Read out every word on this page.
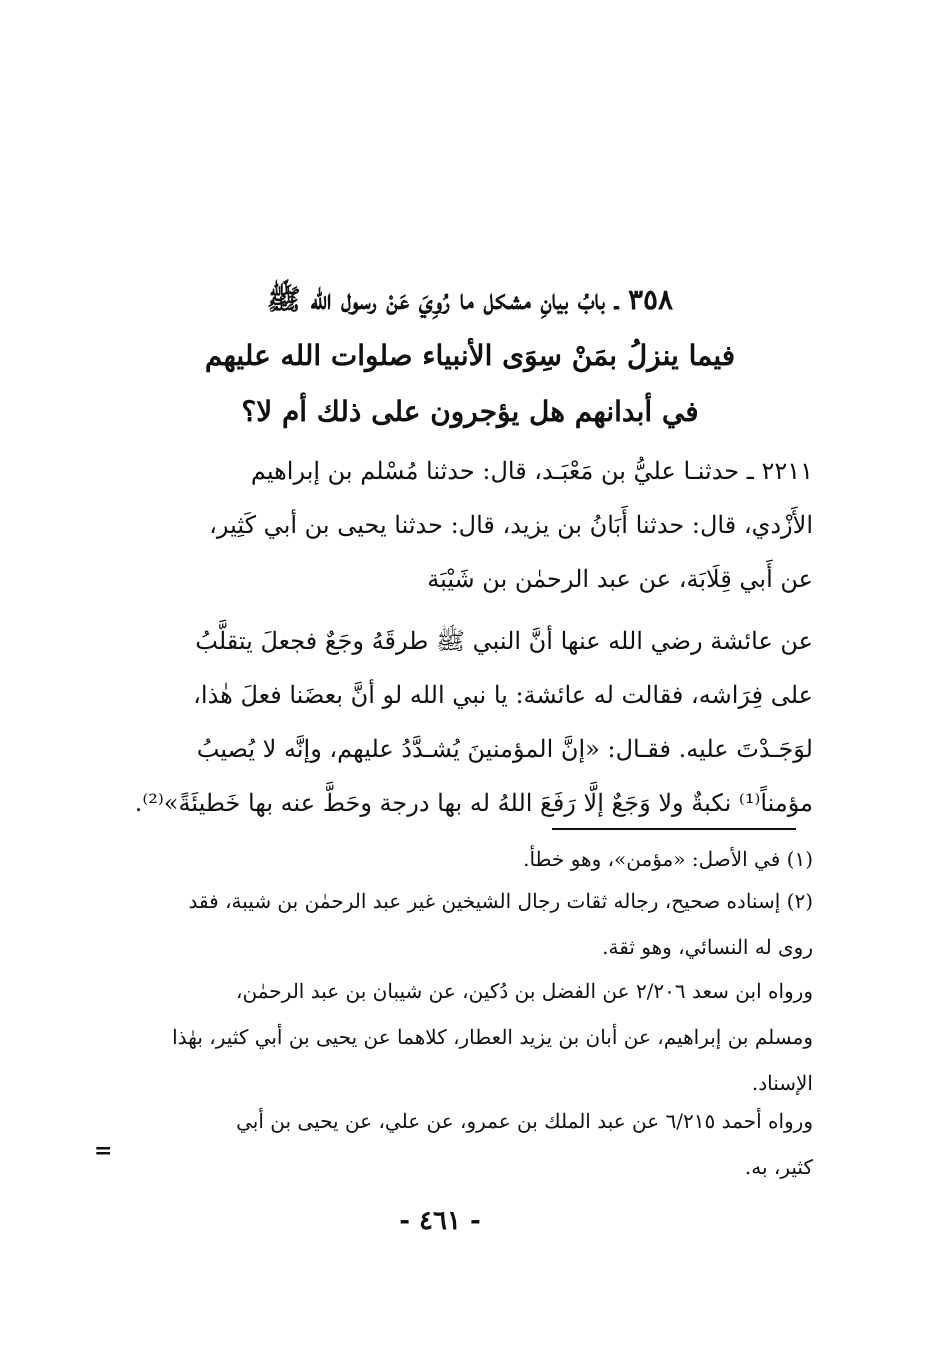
٣٥٨ ـ بابُ بيانِ مشكل ما رُوِيَ عَنْ رسول الله ﷺ
فيما ينزلُ بمَنْ سِوَى الأنبياء صلوات الله عليهم
في أبدانهم هل يؤجرون على ذلك أم لا؟
٢٢١١ ـ حدثنـا عليُّ بن مَعْبَـد، قال: حدثنا مُسْلم بن إبراهيم
الأَزْدي، قال: حدثنا أَبَانُ بن يزيد، قال: حدثنا يحيى بن أبي كَثِير،
عن أَبي قِلَابَة، عن عبد الرحمٰن بن شَيْبَة
عن عائشة رضي الله عنها أنَّ النبي ﷺ طرقَهُ وجَعٌ فجعلَ يتقلَّبُ
على فِرَاشه، فقالت له عائشة: يا نبي الله لو أنَّ بعضَنا فعلَ هٰذا،
لوَجَـدْتَ عليه. فقـال: «إنَّ المؤمنينَ يُشـدَّدُ عليهم، وإنَّه لا يُصيبُ
مؤمناً⁽¹⁾ نكبةٌ ولا وَجَعٌ إلَّا رَفَعَ اللهُ له بها درجة وحَطَّ عنه بها خَطيئَةً»⁽²⁾.
(١) في الأصل: «مؤمن»، وهو خطأ.
(٢) إسناده صحيح، رجاله ثقات رجال الشيخين غير عبد الرحمٰن بن شيبة، فقد
روى له النسائي، وهو ثقة.
ورواه ابن سعد ٢/٢٠٦ عن الفضل بن دُكين، عن شيبان بن عبد الرحمٰن،
ومسلم بن إبراهيم، عن أبان بن يزيد العطار، كلاهما عن يحيى بن أبي كثير، بهٰذا
الإسناد.
ورواه أحمد ٦/٢١٥ عن عبد الملك بن عمرو، عن علي، عن يحيى بن أبي
كثير، به.
=
- ٤٦١ -
